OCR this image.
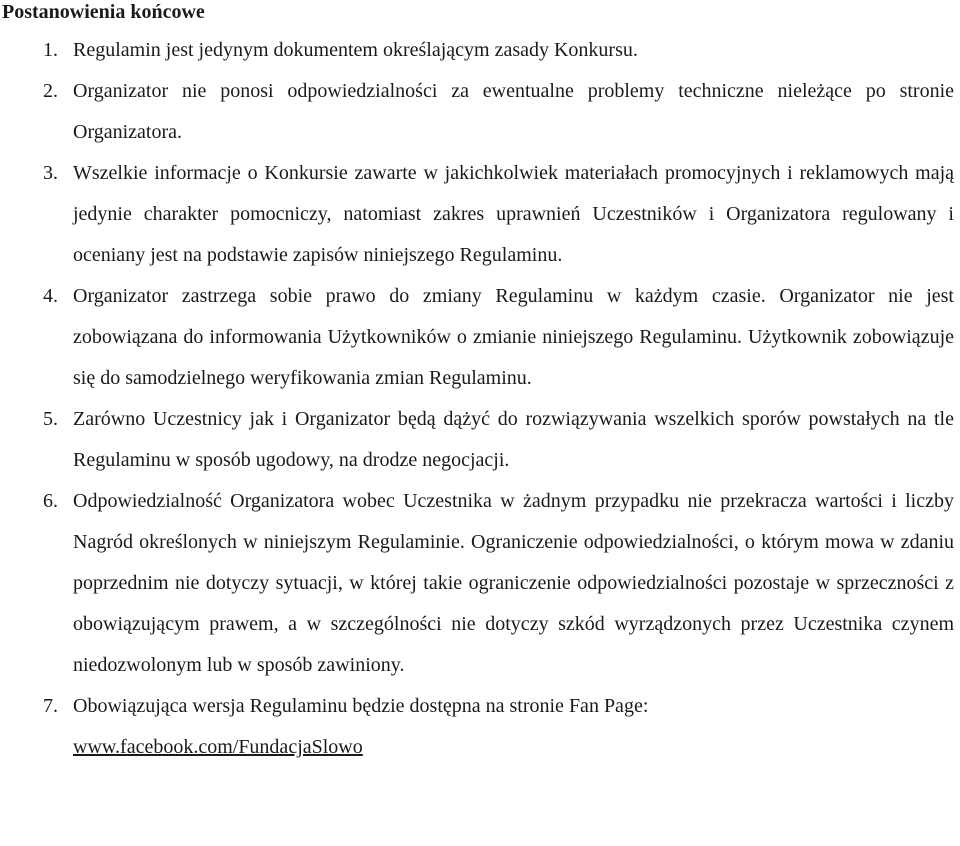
Postanowienia końcowe
1. Regulamin jest jedynym dokumentem określającym zasady Konkursu.
2. Organizator nie ponosi odpowiedzialności za ewentualne problemy techniczne nieleżące po stronie Organizatora.
3. Wszelkie informacje o Konkursie zawarte w jakichkolwiek materiałach promocyjnych i reklamowych mają jedynie charakter pomocniczy, natomiast zakres uprawnień Uczestników i Organizatora regulowany i oceniany jest na podstawie zapisów niniejszego Regulaminu.
4. Organizator zastrzega sobie prawo do zmiany Regulaminu w każdym czasie. Organizator nie jest zobowiązana do informowania Użytkowników o zmianie niniejszego Regulaminu. Użytkownik zobowiązuje się do samodzielnego weryfikowania zmian Regulaminu.
5. Zarówno Uczestnicy jak i Organizator będą dążyć do rozwiązywania wszelkich sporów powstałych na tle Regulaminu w sposób ugodowy, na drodze negocjacji.
6. Odpowiedzialność Organizatora wobec Uczestnika w żadnym przypadku nie przekracza wartości i liczby Nagród określonych w niniejszym Regulaminie. Ograniczenie odpowiedzialności, o którym mowa w zdaniu poprzednim nie dotyczy sytuacji, w której takie ograniczenie odpowiedzialności pozostaje w sprzeczności z obowiązującym prawem, a w szczególności nie dotyczy szkód wyrządzonych przez Uczestnika czynem niedozwolonym lub w sposób zawiniony.
7. Obowiązująca wersja Regulaminu będzie dostępna na stronie Fan Page:
www.facebook.com/FundacjaSlowo
